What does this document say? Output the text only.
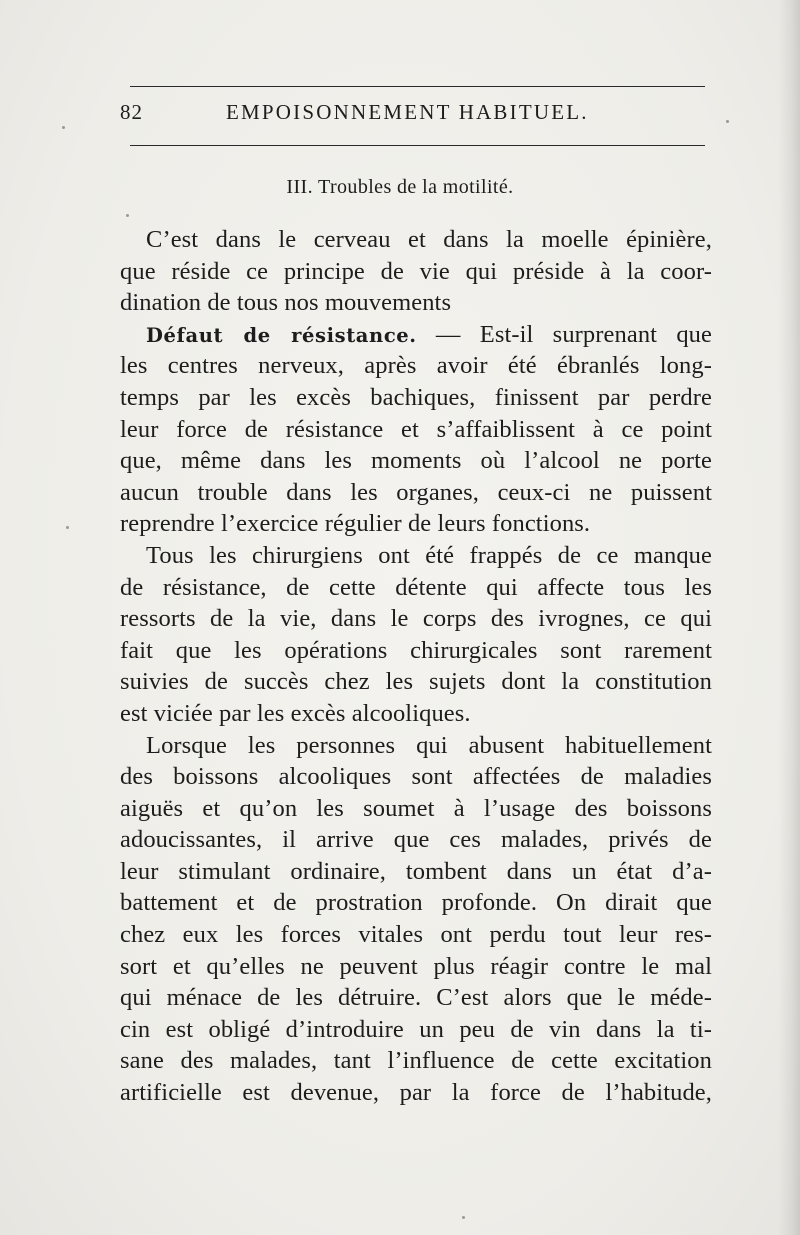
82	EMPOISONNEMENT HABITUEL.
III. Troubles de la motilité.
C’est dans le cerveau et dans la moelle épinière,
que réside ce principe de vie qui préside à la coor-
dination de tous nos mouvements
Défaut de résistance. — Est-il surprenant que
les centres nerveux, après avoir été ébranlés long-
temps par les excès bachiques, finissent par perdre
leur force de résistance et s’affaiblissent à ce point
que, même dans les moments où l’alcool ne porte
aucun trouble dans les organes, ceux-ci ne puissent
reprendre l’exercice régulier de leurs fonctions.
Tous les chirurgiens ont été frappés de ce manque
de résistance, de cette détente qui affecte tous les
ressorts de la vie, dans le corps des ivrognes, ce qui
fait que les opérations chirurgicales sont rarement
suivies de succès chez les sujets dont la constitution
est viciée par les excès alcooliques.
Lorsque les personnes qui abusent habituellement
des boissons alcooliques sont affectées de maladies
aiguës et qu’on les soumet à l’usage des boissons
adoucissantes, il arrive que ces malades, privés de
leur stimulant ordinaire, tombent dans un état d’a-
battement et de prostration profonde. On dirait que
chez eux les forces vitales ont perdu tout leur res-
sort et qu’elles ne peuvent plus réagir contre le mal
qui ménace de les détruire. C’est alors que le méde-
cin est obligé d’introduire un peu de vin dans la ti-
sane des malades, tant l’influence de cette excitation
artificielle est devenue, par la force de l’habitude,
